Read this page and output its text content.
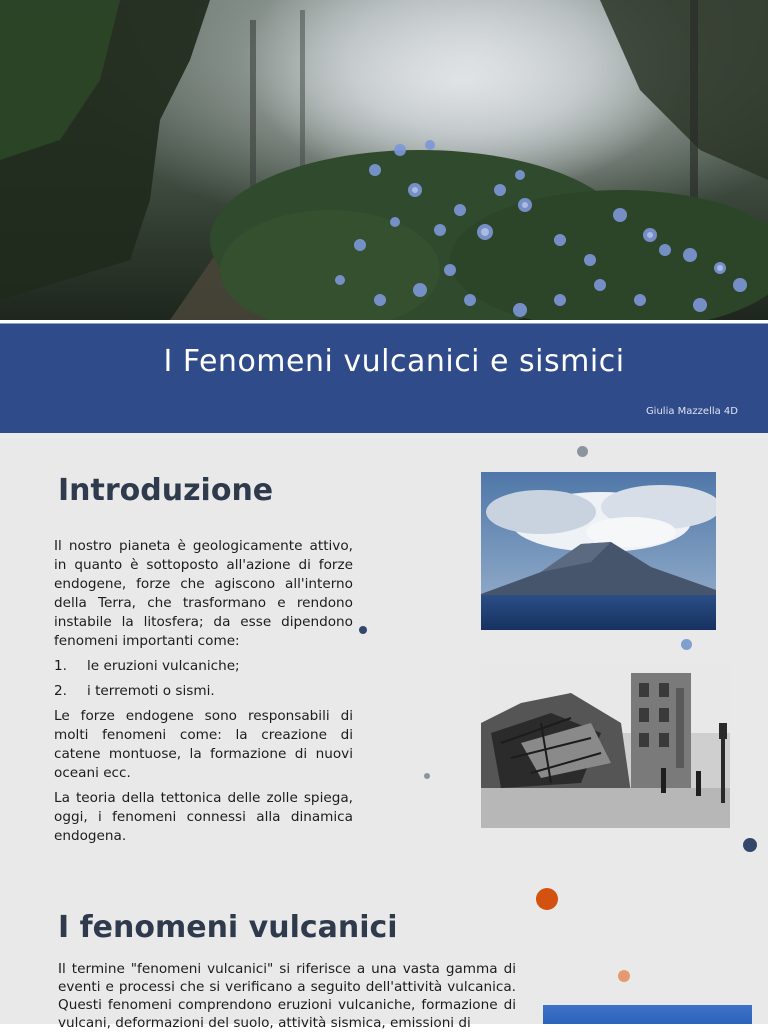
I Fenomeni vulcanici e sismici
Giulia Mazzella 4D
Introduzione

Il nostro pianeta è geologicamente attivo, in quanto è sottoposto all'azione di forze endogene, forze che agiscono all'interno della Terra, che trasformano e rendono instabile la litosfera; da esse dipendono fenomeni importanti come:

1.	le eruzioni vulcaniche;
2.	i terremoti o sismi.

Le forze endogene sono responsabili di molti fenomeni come: la creazione di catene montuose, la formazione di nuovi oceani ecc.

La teoria della tettonica delle zolle spiega, oggi, i fenomeni connessi alla dinamica endogena.

I fenomeni vulcanici
Il termine "fenomeni vulcanici" si riferisce a una vasta gamma di eventi e processi che si verificano a seguito dell'attività vulcanica. Questi fenomeni comprendono eruzioni vulcaniche, formazione di vulcani, deformazioni del suolo, attività sismica, emissioni di
